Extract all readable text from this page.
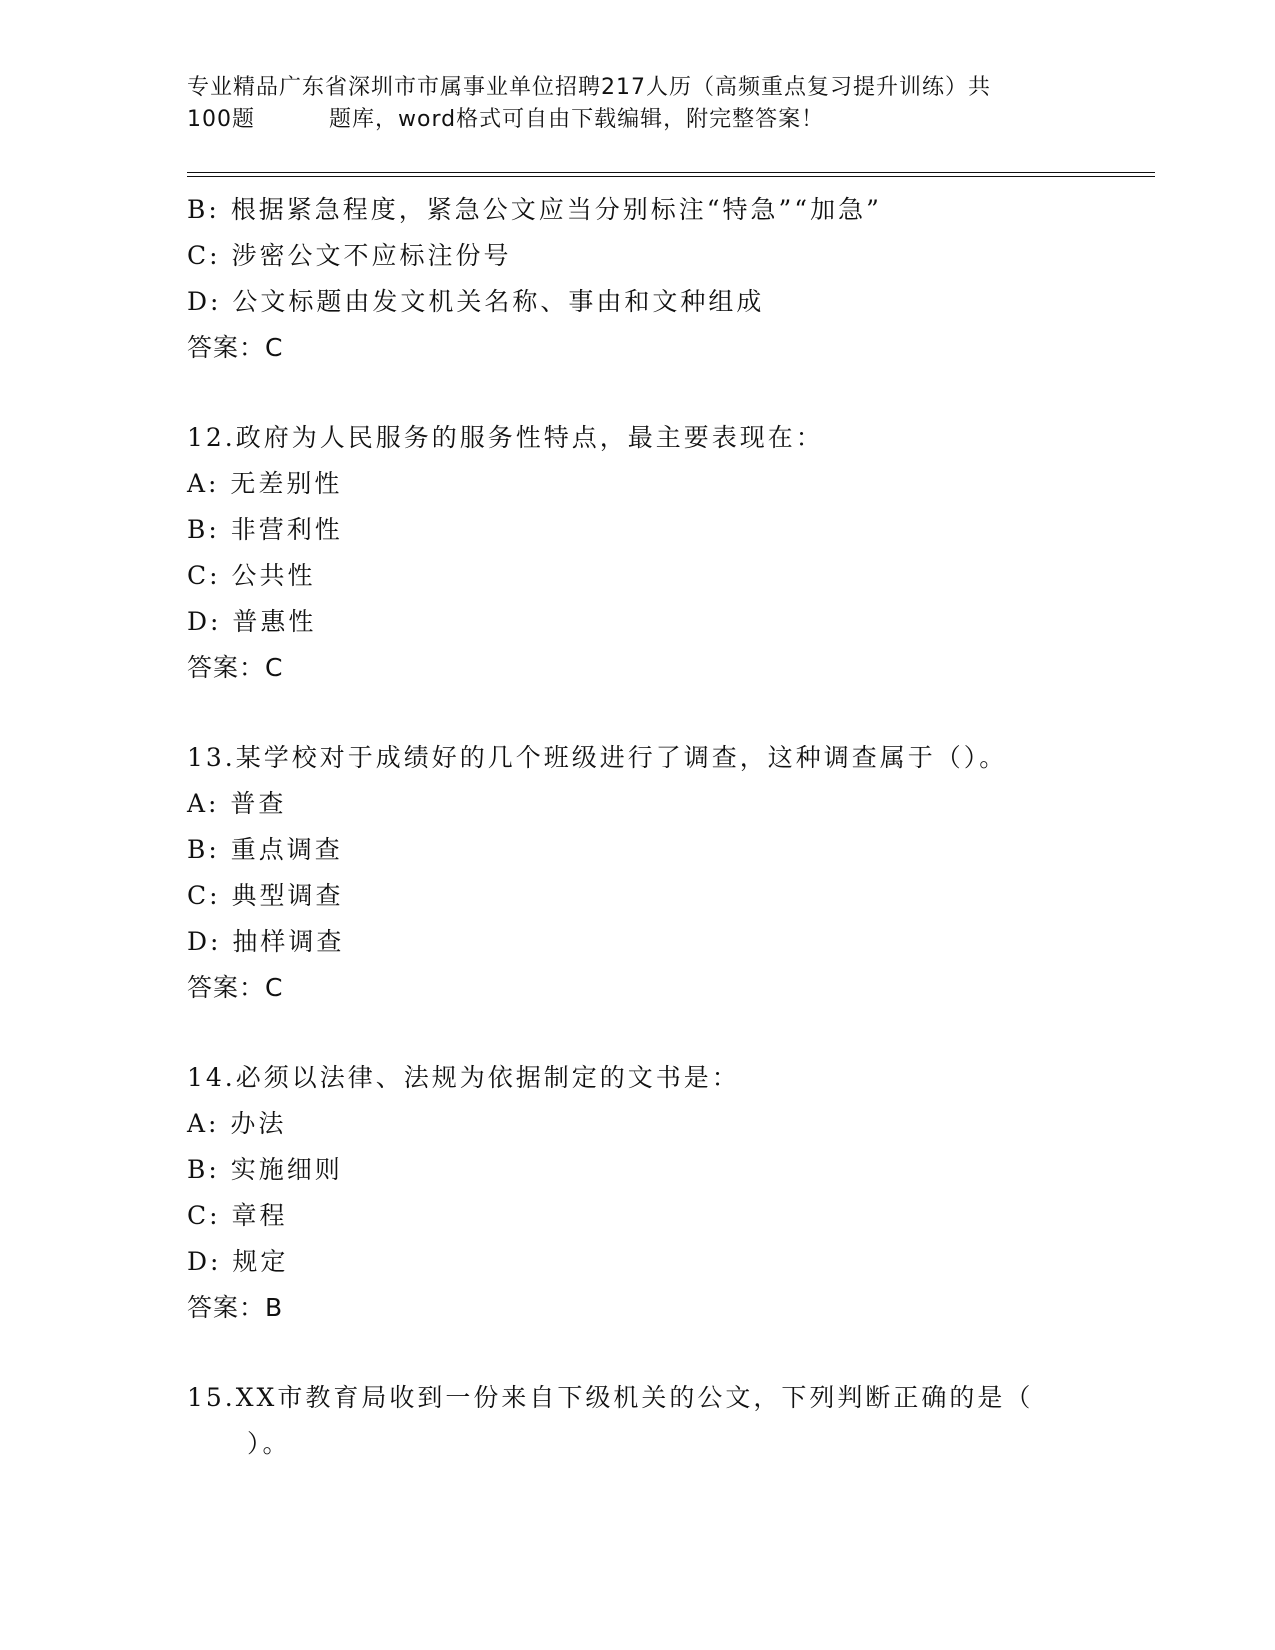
专业精品广东省深圳市市属事业单位招聘217人历（高频重点复习提升训练）共
100题	题库，word格式可自由下载编辑，附完整答案！
B: 根据紧急程度，紧急公文应当分别标注“特急”“加急”
C: 涉密公文不应标注份号
D: 公文标题由发文机关名称、事由和文种组成
答案：C
12.政府为人民服务的服务性特点，最主要表现在：
A: 无差别性
B: 非营利性
C: 公共性
D: 普惠性
答案：C
13.某学校对于成绩好的几个班级进行了调查，这种调查属于（）。
A: 普查
B: 重点调查
C: 典型调查
D: 抽样调查
答案：C
14.必须以法律、法规为依据制定的文书是：
A: 办法
B: 实施细则
C: 章程
D: 规定
答案：B
15.XX市教育局收到一份来自下级机关的公文，下列判断正确的是（
）。
